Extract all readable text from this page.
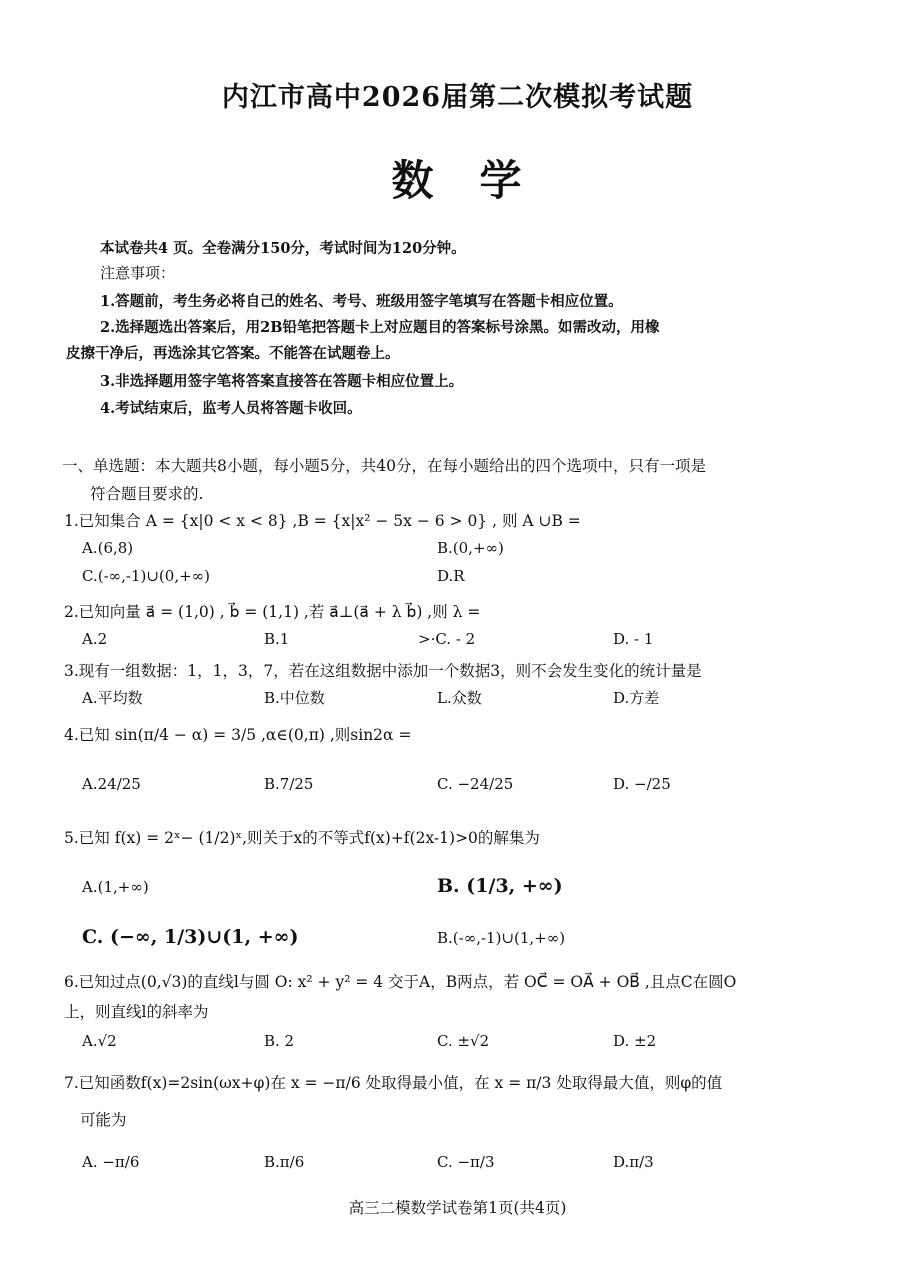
内江市高中2026届第二次模拟考试题
数　学
本试卷共4 页。全卷满分150分，考试时间为120分钟。
注意事项：
1.答题前，考生务必将自己的姓名、考号、班级用签字笔填写在答题卡相应位置。
2.选择题选出答案后，用2B铅笔把答题卡上对应题目的答案标号涂黑。如需改动，用橡
皮擦干净后，再选涂其它答案。不能答在试题卷上。
3.非选择题用签字笔将答案直接答在答题卡相应位置上。
4.考试结束后，监考人员将答题卡收回。
一、单选题：本大题共8小题，每小题5分，共40分，在每小题给出的四个选项中，只有一项是
符合题目要求的.
1.已知集合 A = {x|0 < x < 8} ,B = {x|x² − 5x − 6 > 0} , 则 A ∪B =
A.(6,8)	B.(0,+∞)
C.(-∞,-1)∪(0,+∞)	D.R
2.已知向量 a⃗ = (1,0) , b⃗ = (1,1) ,若 a⃗⊥(a⃗ + λ b⃗) ,则 λ =
A.2	B.1	>·C. - 2	D. - 1
3.现有一组数据：1，1，3，7，若在这组数据中添加一个数据3，则不会发生变化的统计量是
A.平均数	B.中位数	L.众数	D.方差
4.已知 sin(π/4 − α) = 3/5 ,α∈(0,π) ,则sin2α =
A.24/25	B.7/25	C. −24/25	D. −/25
5.已知 f(x) = 2ˣ− (1/2)ˣ,则关于x的不等式f(x)+f(2x-1)>0的解集为
A.(1,+∞)	B. (1/3, +∞)
C. (−∞, 1/3)∪(1, +∞)	B.(-∞,-1)∪(1,+∞)
6.已知过点(0,√3)的直线l与圆 O: x² + y² = 4 交于A，B两点，若 OC⃗ = OA⃗ + OB⃗ ,且点C在圆O
上，则直线l的斜率为
A.√2	B. 2	C. ±√2	D. ±2
7.已知函数f(x)=2sin(ωx+φ)在 x = −π/6 处取得最小值，在 x = π/3 处取得最大值，则φ的值
可能为
A. −π/6	B.π/6	C. −π/3	D.π/3
高三二模数学试卷第1页(共4页)
